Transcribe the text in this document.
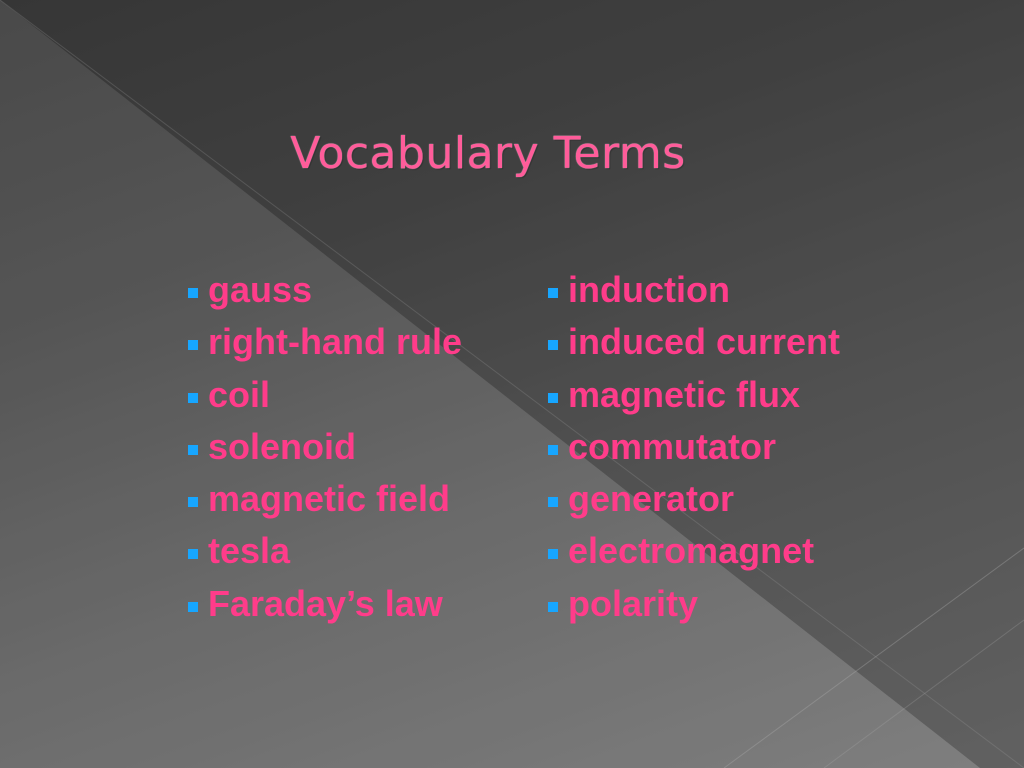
Vocabulary Terms
gauss
right-hand rule
coil
solenoid
magnetic field
tesla
Faraday’s law
induction
induced current
magnetic flux
commutator
generator
electromagnet
polarity
